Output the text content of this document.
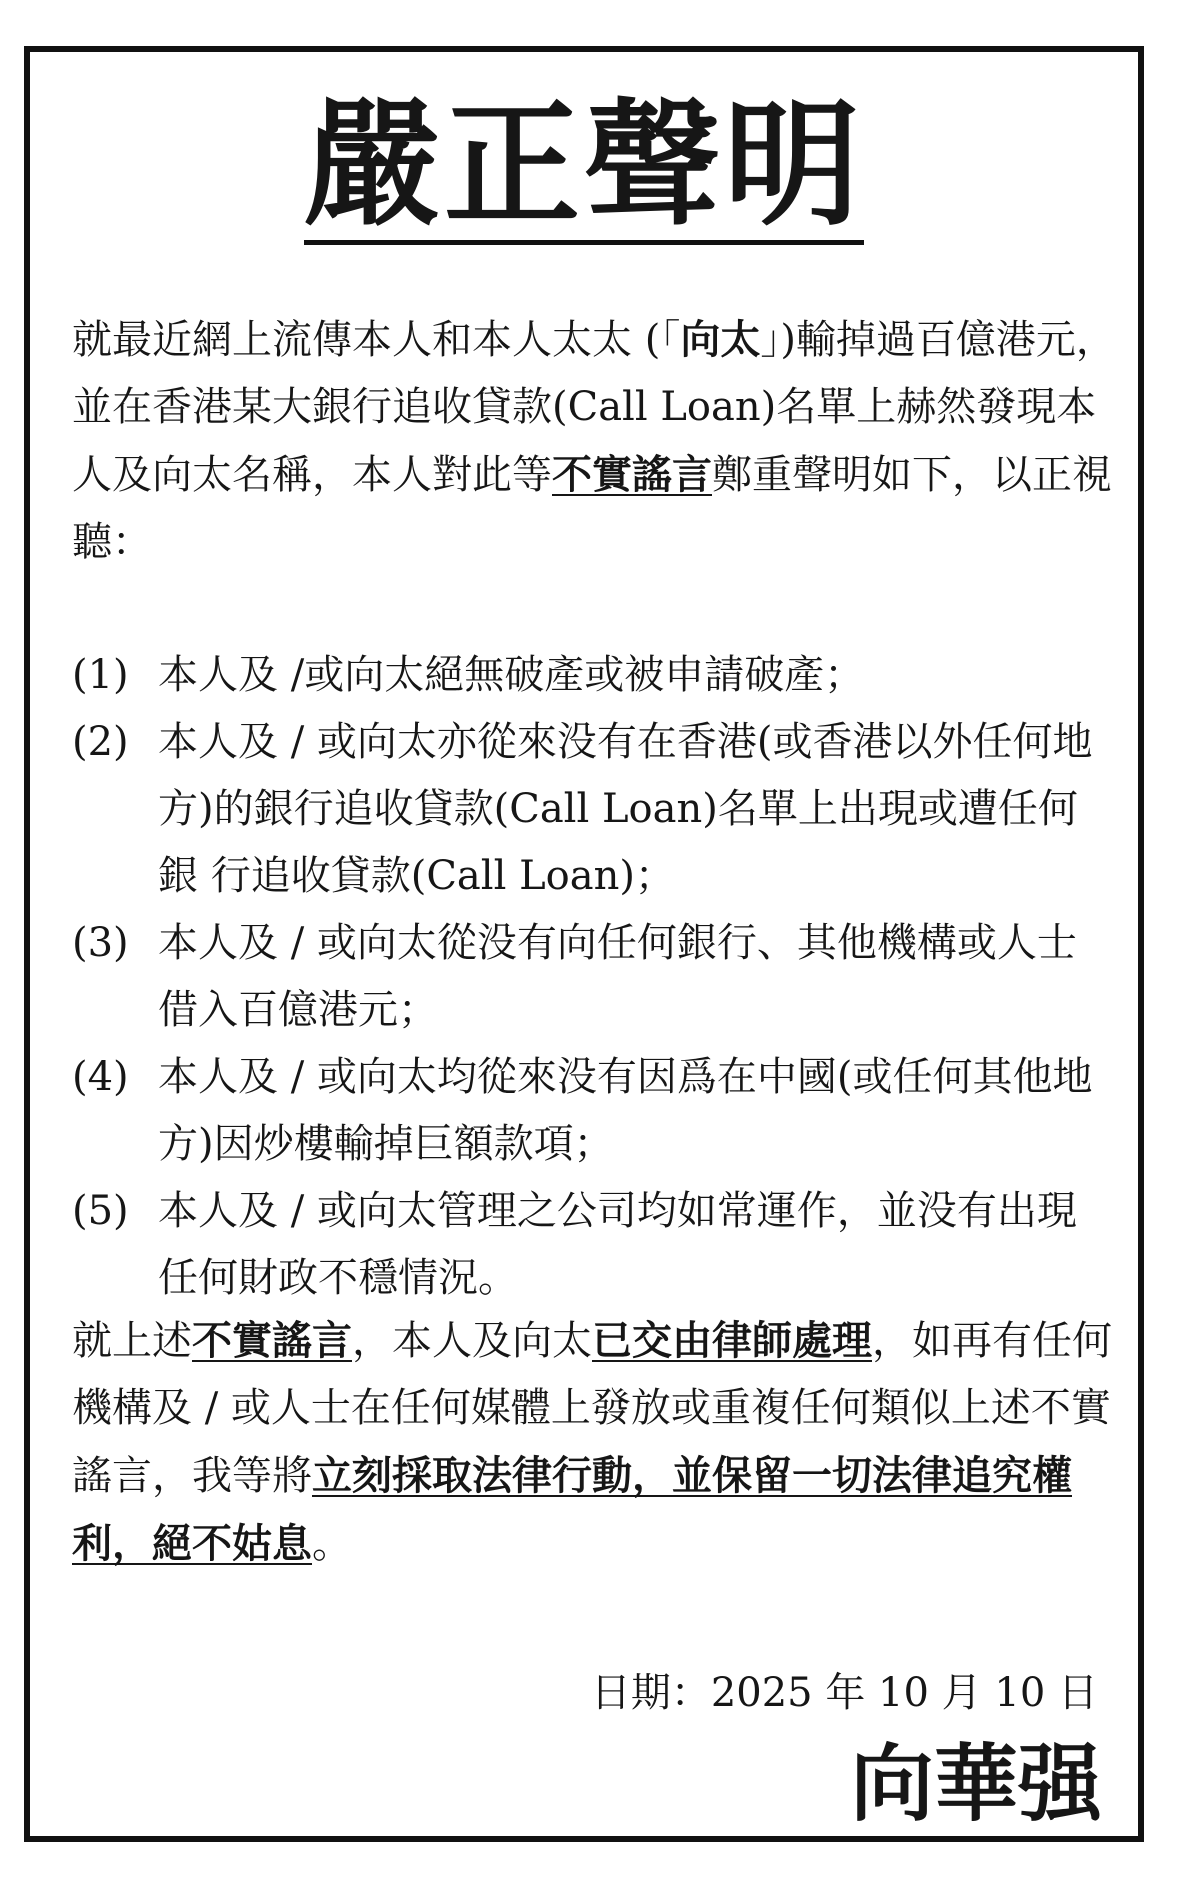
嚴正聲明

就最近網上流傳本人和本人太太 (「向太」)輸掉過百億港元，並在香港某大銀行追收貸款(Call Loan)名單上赫然發現本人及向太名稱，本人對此等不實謠言鄭重聲明如下，以正視聽：

(1) 本人及 /或向太絕無破產或被申請破產；
(2) 本人及 / 或向太亦從來没有在香港(或香港以外任何地方)的銀行追收貸款(Call Loan)名單上出現或遭任何銀 行追收貸款(Call Loan)；
(3) 本人及 / 或向太從没有向任何銀行、其他機構或人士借入百億港元；
(4) 本人及 / 或向太均從來没有因爲在中國(或任何其他地方)因炒樓輸掉巨額款項；
(5) 本人及 / 或向太管理之公司均如常運作，並没有出現任何財政不穩情況。

就上述不實謠言，本人及向太已交由律師處理，如再有任何機構及 / 或人士在任何媒體上發放或重複任何類似上述不實謠言，我等將立刻採取法律行動，並保留一切法律追究權利，絕不姑息。

日期：2025 年 10 月 10 日

向華强
